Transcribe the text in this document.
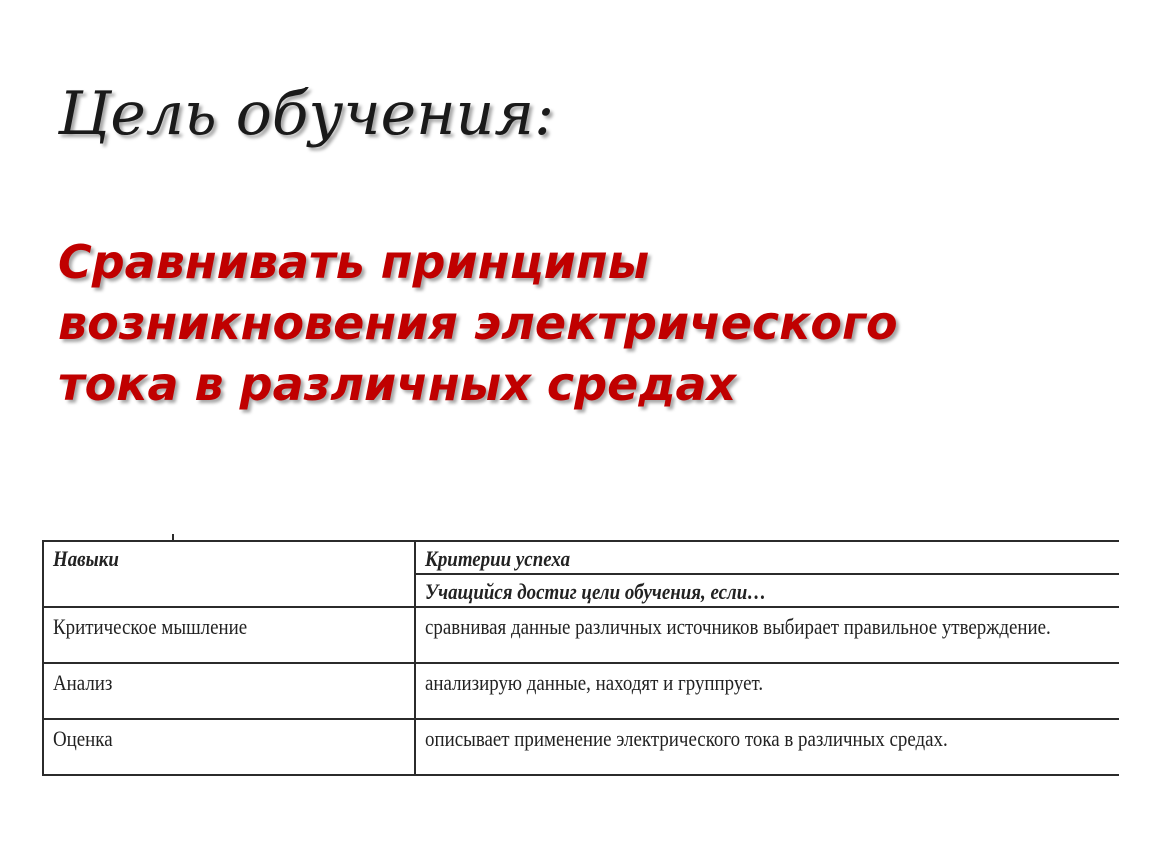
Цель обучения:
Сравнивать принципы
возникновения электрического
тока в различных средах
Навыки	Критерии успеха
	Учащийся достиг цели обучения, если…
Критическое мышление	сравнивая данные различных источников выбирает правильное утверждение.
Анализ	анализирую данные, находят и группрует.
Оценка	описывает применение электрического тока в различных средах.
